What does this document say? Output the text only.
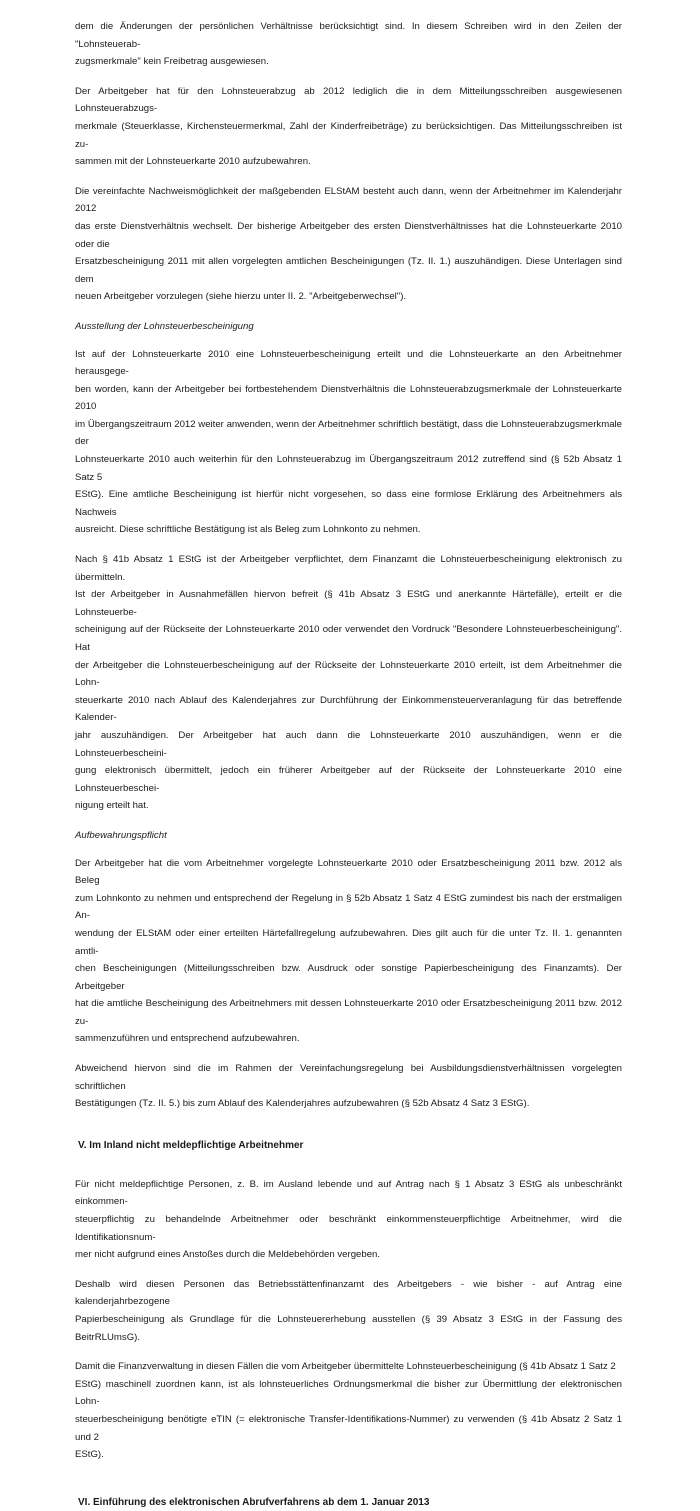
dem die Änderungen der persönlichen Verhältnisse berücksichtigt sind. In diesem Schreiben wird in den Zeilen der "Lohnsteuerab-
zugsmerkmale" kein Freibetrag ausgewiesen.

Der Arbeitgeber hat für den Lohnsteuerabzug ab 2012 lediglich die in dem Mitteilungsschreiben ausgewiesenen Lohnsteuerabzugs-
merkmale (Steuerklasse, Kirchensteuermerkmal, Zahl der Kinderfreibeträge) zu berücksichtigen. Das Mitteilungsschreiben ist zu-
sammen mit der Lohnsteuerkarte 2010 aufzubewahren.

Die vereinfachte Nachweismöglichkeit der maßgebenden ELStAM besteht auch dann, wenn der Arbeitnehmer im Kalenderjahr 2012
das erste Dienstverhältnis wechselt. Der bisherige Arbeitgeber des ersten Dienstverhältnisses hat die Lohnsteuerkarte 2010 oder die
Ersatzbescheinigung 2011 mit allen vorgelegten amtlichen Bescheinigungen (Tz. II. 1.) auszuhändigen. Diese Unterlagen sind dem
neuen Arbeitgeber vorzulegen (siehe hierzu unter II. 2. "Arbeitgeberwechsel").

Ausstellung der Lohnsteuerbescheinigung

Ist auf der Lohnsteuerkarte 2010 eine Lohnsteuerbescheinigung erteilt und die Lohnsteuerkarte an den Arbeitnehmer herausgege-
ben worden, kann der Arbeitgeber bei fortbestehendem Dienstverhältnis die Lohnsteuerabzugsmerkmale der Lohnsteuerkarte 2010
im Übergangszeitraum 2012 weiter anwenden, wenn der Arbeitnehmer schriftlich bestätigt, dass die Lohnsteuerabzugsmerkmale der
Lohnsteuerkarte 2010 auch weiterhin für den Lohnsteuerabzug im Übergangszeitraum 2012 zutreffend sind (§ 52b Absatz 1 Satz 5
EStG). Eine amtliche Bescheinigung ist hierfür nicht vorgesehen, so dass eine formlose Erklärung des Arbeitnehmers als Nachweis
ausreicht. Diese schriftliche Bestätigung ist als Beleg zum Lohnkonto zu nehmen.

Nach § 41b Absatz 1 EStG ist der Arbeitgeber verpflichtet, dem Finanzamt die Lohnsteuerbescheinigung elektronisch zu übermitteln.
Ist der Arbeitgeber in Ausnahmefällen hiervon befreit (§ 41b Absatz 3 EStG und anerkannte Härtefälle), erteilt er die Lohnsteuerbe-
scheinigung auf der Rückseite der Lohnsteuerkarte 2010 oder verwendet den Vordruck "Besondere Lohnsteuerbescheinigung". Hat
der Arbeitgeber die Lohnsteuerbescheinigung auf der Rückseite der Lohnsteuerkarte 2010 erteilt, ist dem Arbeitnehmer die Lohn-
steuerkarte 2010 nach Ablauf des Kalenderjahres zur Durchführung der Einkommensteuerveranlagung für das betreffende Kalender-
jahr auszuhändigen. Der Arbeitgeber hat auch dann die Lohnsteuerkarte 2010 auszuhändigen, wenn er die Lohnsteuerbescheini-
gung elektronisch übermittelt, jedoch ein früherer Arbeitgeber auf der Rückseite der Lohnsteuerkarte 2010 eine Lohnsteuerbeschei-
nigung erteilt hat.

Aufbewahrungspflicht

Der Arbeitgeber hat die vom Arbeitnehmer vorgelegte Lohnsteuerkarte 2010 oder Ersatzbescheinigung 2011 bzw. 2012 als Beleg
zum Lohnkonto zu nehmen und entsprechend der Regelung in § 52b Absatz 1 Satz 4 EStG zumindest bis nach der erstmaligen An-
wendung der ELStAM oder einer erteilten Härtefallregelung aufzubewahren. Dies gilt auch für die unter Tz. II. 1. genannten amtli-
chen Bescheinigungen (Mitteilungsschreiben bzw. Ausdruck oder sonstige Papierbescheinigung des Finanzamts). Der Arbeitgeber
hat die amtliche Bescheinigung des Arbeitnehmers mit dessen Lohnsteuerkarte 2010 oder Ersatzbescheinigung 2011 bzw. 2012 zu-
sammenzuführen und entsprechend aufzubewahren.

Abweichend hiervon sind die im Rahmen der Vereinfachungsregelung bei Ausbildungsdienstverhältnissen vorgelegten schriftlichen
Bestätigungen (Tz. II. 5.) bis zum Ablauf des Kalenderjahres aufzubewahren (§ 52b Absatz 4 Satz 3 EStG).

V. Im Inland nicht meldepflichtige Arbeitnehmer

Für nicht meldepflichtige Personen, z. B. im Ausland lebende und auf Antrag nach § 1 Absatz 3 EStG als unbeschränkt einkommen-
steuerpflichtig zu behandelnde Arbeitnehmer oder beschränkt einkommensteuerpflichtige Arbeitnehmer, wird die Identifikationsnum-
mer nicht aufgrund eines Anstoßes durch die Meldebehörden vergeben.

Deshalb wird diesen Personen das Betriebsstättenfinanzamt des Arbeitgebers - wie bisher - auf Antrag eine kalenderjahrbezogene
Papierbescheinigung als Grundlage für die Lohnsteuererhebung ausstellen (§ 39 Absatz 3 EStG in der Fassung des BeitrRLUmsG).

Damit die Finanzverwaltung in diesen Fällen die vom Arbeitgeber übermittelte Lohnsteuerbescheinigung (§ 41b Absatz 1 Satz 2
EStG) maschinell zuordnen kann, ist als lohnsteuerliches Ordnungsmerkmal die bisher zur Übermittlung der elektronischen Lohn-
steuerbescheinigung benötigte eTIN (= elektronische Transfer-Identifikations-Nummer) zu verwenden (§ 41b Absatz 2 Satz 1 und 2
EStG).

VI. Einführung des elektronischen Abrufverfahrens ab dem 1. Januar 2013
